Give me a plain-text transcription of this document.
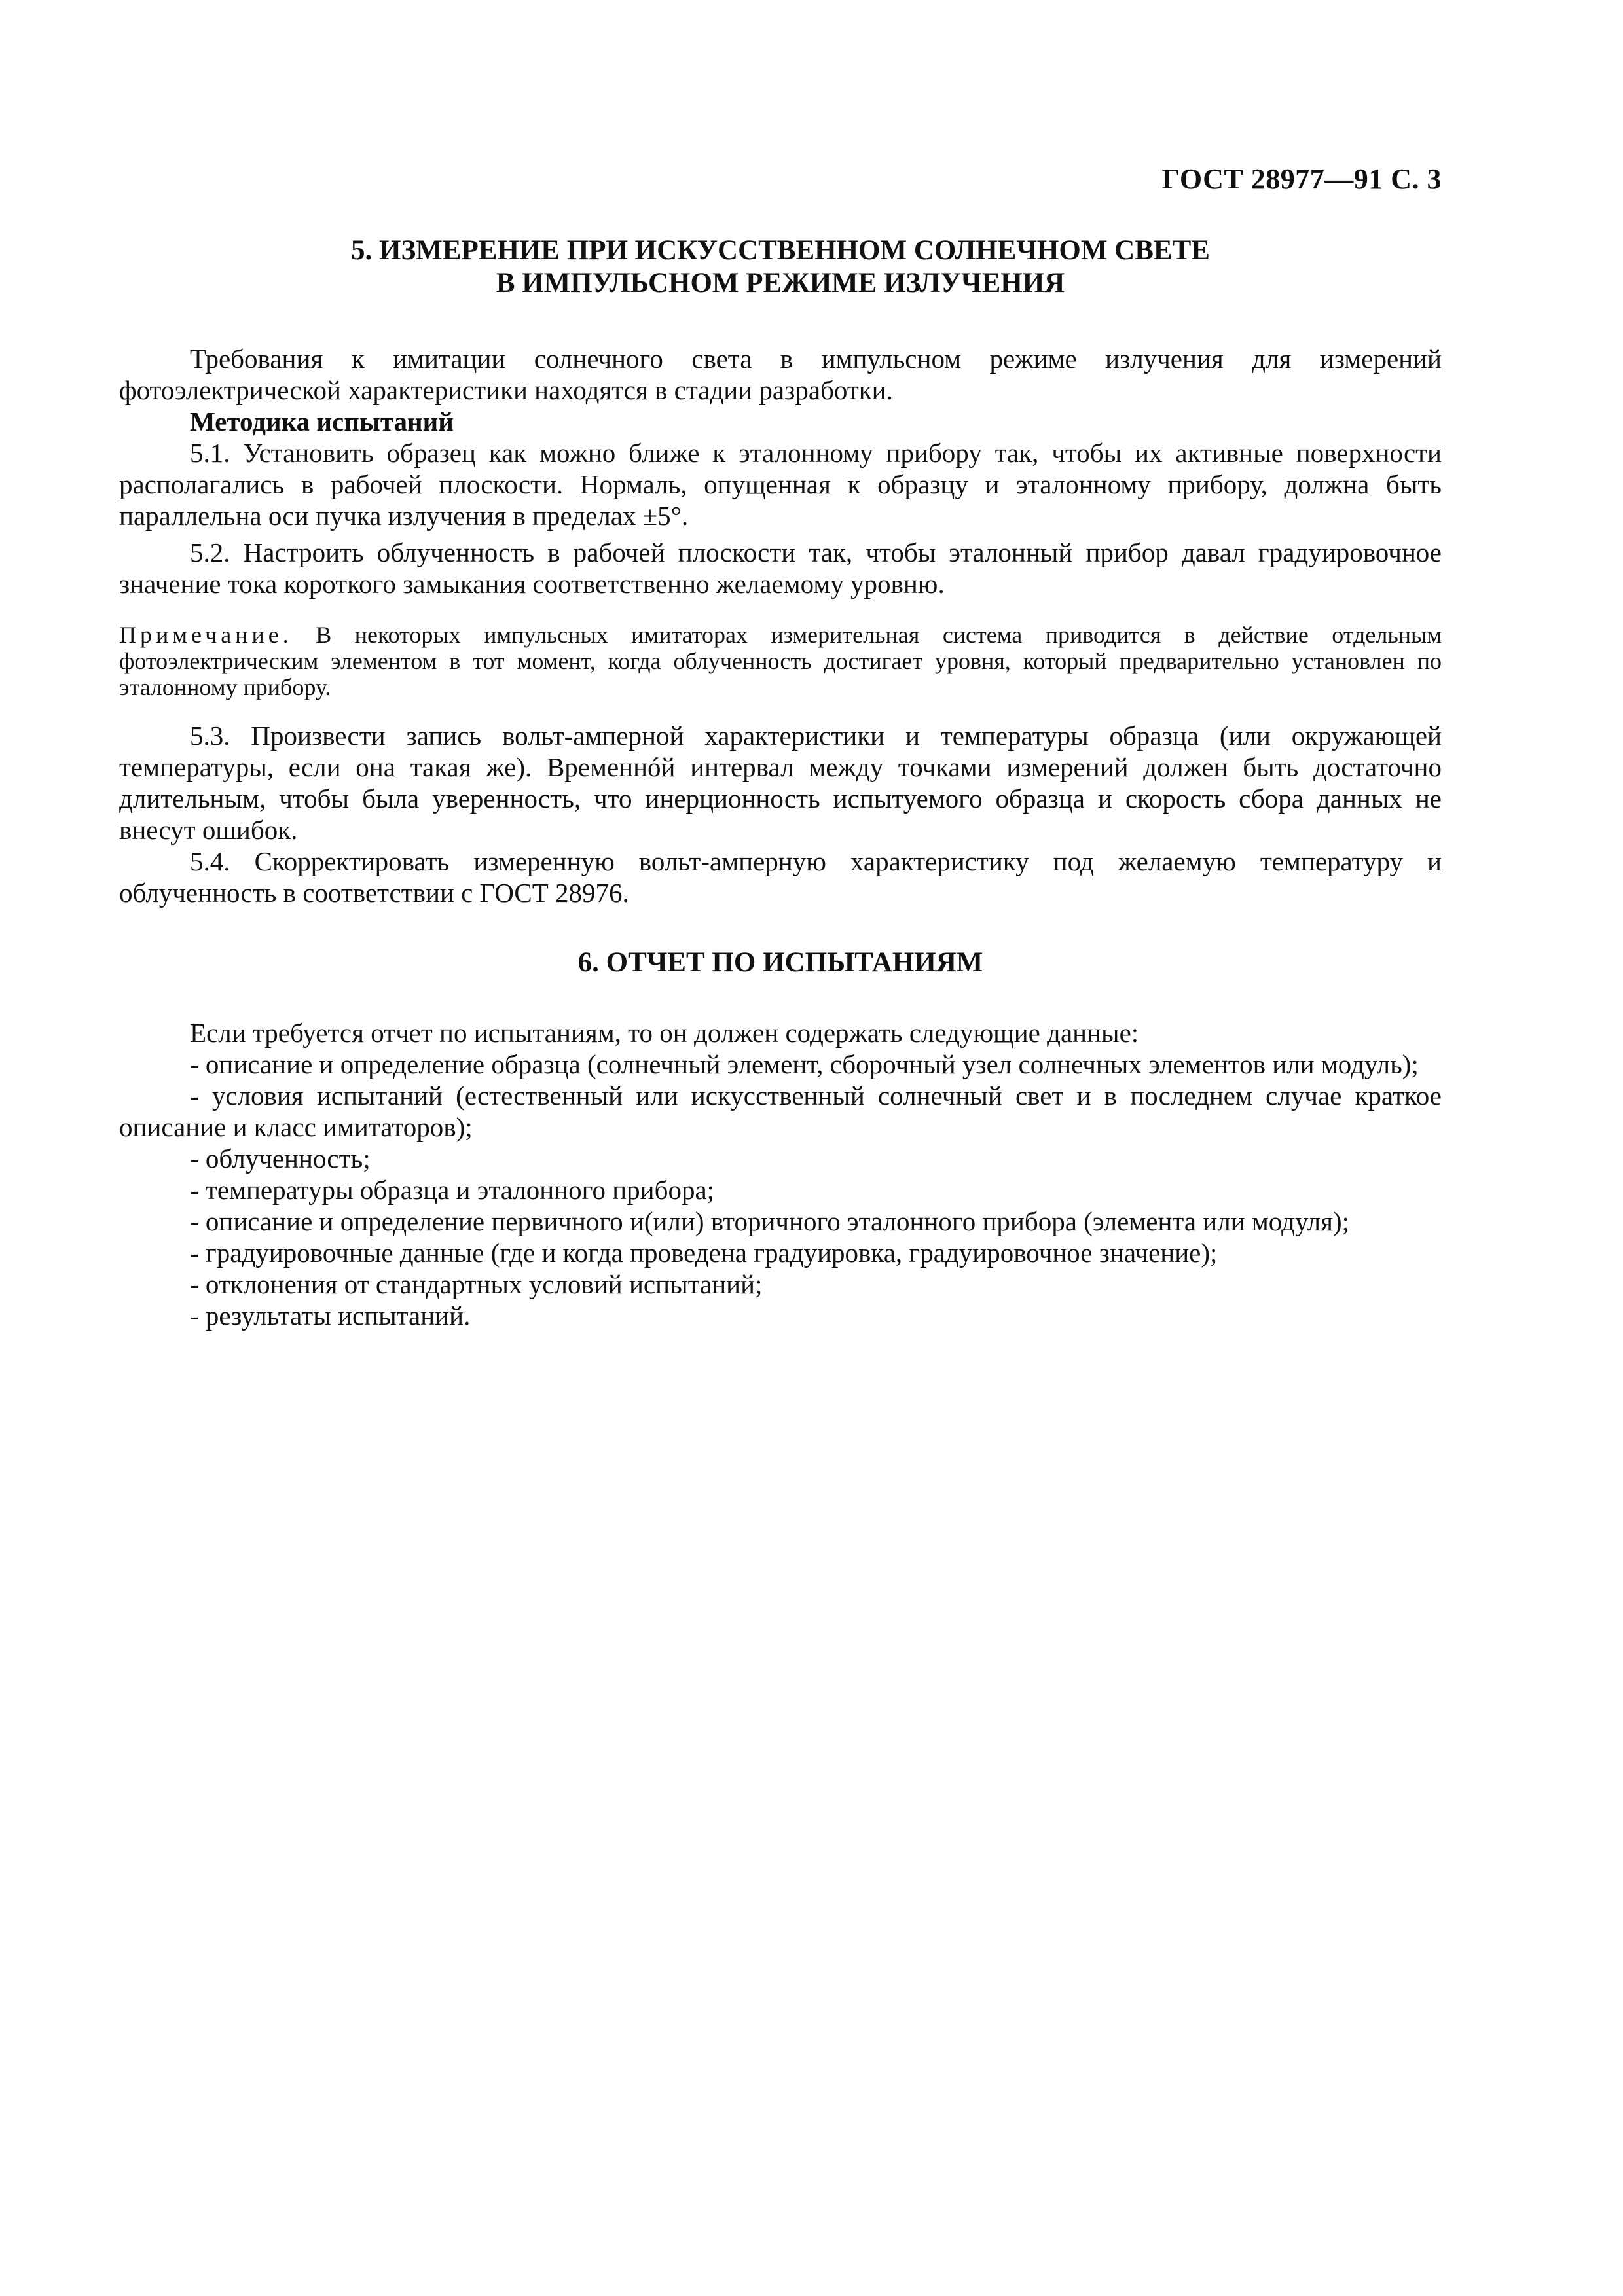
ГОСТ 28977—91 С. 3
5. ИЗМЕРЕНИЕ ПРИ ИСКУССТВЕННОМ СОЛНЕЧНОМ СВЕТЕ
В ИМПУЛЬСНОМ РЕЖИМЕ ИЗЛУЧЕНИЯ

Требования к имитации солнечного света в импульсном режиме излучения для измерений фотоэлектрической характеристики находятся в стадии разработки.

Методика испытаний

5.1. Установить образец как можно ближе к эталонному прибору так, чтобы их активные поверхности располагались в рабочей плоскости. Нормаль, опущенная к образцу и эталонному прибору, должна быть параллельна оси пучка излучения в пределах ±5°.

5.2. Настроить облученность в рабочей плоскости так, чтобы эталонный прибор давал градуировочное значение тока короткого замыкания соответственно желаемому уровню.

Примечание. В некоторых импульсных имитаторах измерительная система приводится в действие отдельным фотоэлектрическим элементом в тот момент, когда облученность достигает уровня, который предварительно установлен по эталонному прибору.

5.3. Произвести запись вольт-амперной характеристики и температуры образца (или окружающей температуры, если она такая же). Временнóй интервал между точками измерений должен быть достаточно длительным, чтобы была уверенность, что инерционность испытуемого образца и скорость сбора данных не внесут ошибок.

5.4. Скорректировать измеренную вольт-амперную характеристику под желаемую температуру и облученность в соответствии с ГОСТ 28976.

6. ОТЧЕТ ПО ИСПЫТАНИЯМ

Если требуется отчет по испытаниям, то он должен содержать следующие данные:

- описание и определение образца (солнечный элемент, сборочный узел солнечных элементов или модуль);

- условия испытаний (естественный или искусственный солнечный свет и в последнем случае краткое описание и класс имитаторов);

- облученность;

- температуры образца и эталонного прибора;

- описание и определение первичного и(или) вторичного эталонного прибора (элемента или модуля);

- градуировочные данные (где и когда проведена градуировка, градуировочное значение);

- отклонения от стандартных условий испытаний;

- результаты испытаний.
